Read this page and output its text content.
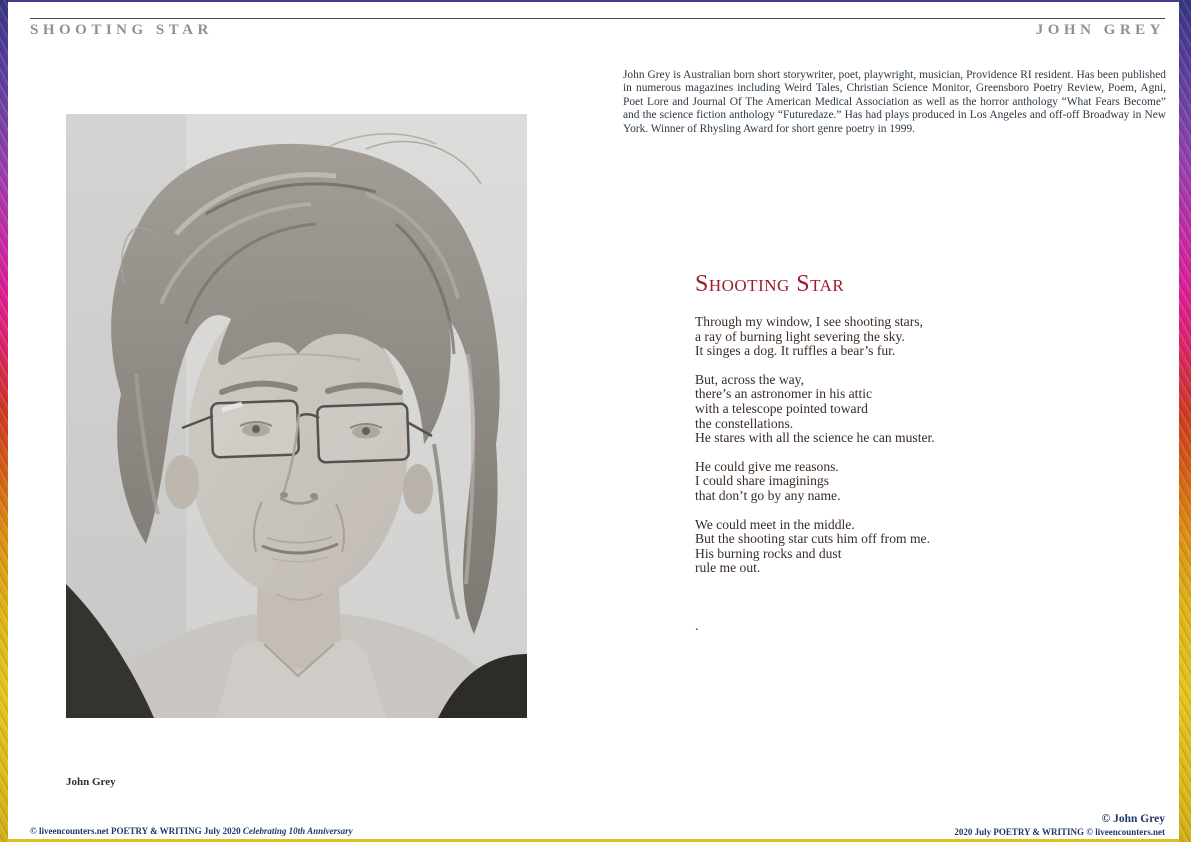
SHOOTING STAR	JOHN GREY

John Grey is Australian born short storywriter, poet, playwright, musician, Providence RI resident. Has been published in numerous magazines including Weird Tales, Christian Science Monitor, Greensboro Poetry Review, Poem, Agni, Poet Lore and Journal Of The American Medical Association as well as the horror anthology “What Fears Become” and the science fiction anthology “Futuredaze.” Has had plays produced in Los Angeles and off-off Broadway in New York. Winner of Rhysling Award for short genre poetry in 1999.

John Grey
Shooting Star

Through my window, I see shooting stars,
a ray of burning light severing the sky.
It singes a dog. It ruffles a bear’s fur.

But, across the way,
there’s an astronomer in his attic
with a telescope pointed toward
the constellations.
He stares with all the science he can muster.

He could give me reasons.
I could share imaginings
that don’t go by any name.

We could meet in the middle.
But the shooting star cuts him off from me.
His burning rocks and dust
rule me out.

.
© liveencounters.net POETRY & WRITING July 2020 Celebrating 10th Anniversary
© John Grey
2020 July POETRY & WRITING © liveencounters.net
